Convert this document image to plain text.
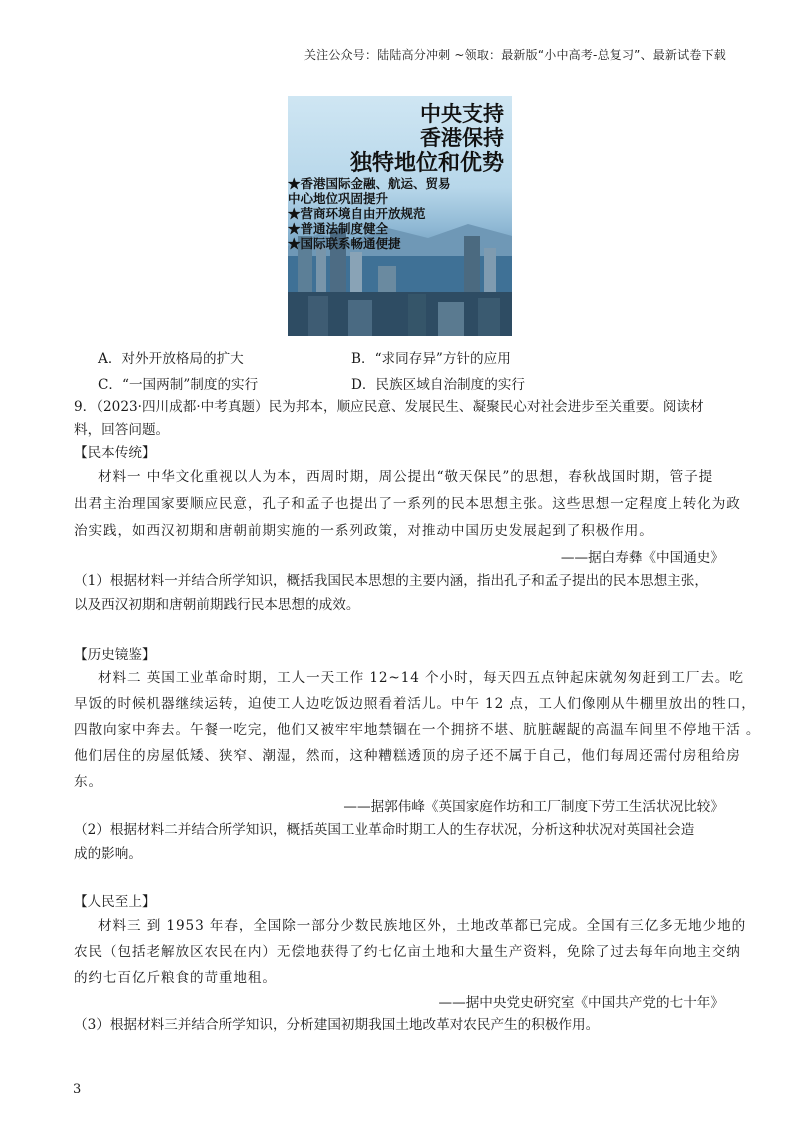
关注公众号：陆陆高分冲刺 ~领取：最新版“小中高考-总复习”、最新试卷下载
中央支持
香港保持
独特地位和优势
★香港国际金融、航运、贸易
中心地位巩固提升
★营商环境自由开放规范
★普通法制度健全
★国际联系畅通便捷
A．对外开放格局的扩大	B．“求同存异”方针的应用
C．“一国两制”制度的实行	D．民族区域自治制度的实行
9．（2023·四川成都·中考真题）民为邦本，顺应民意、发展民生、凝聚民心对社会进步至关重要。阅读材
料，回答问题。
【民本传统】
材料一 中华文化重视以人为本，西周时期，周公提出“敬天保民”的思想，春秋战国时期，管子提
出君主治理国家要顺应民意，孔子和孟子也提出了一系列的民本思想主张。这些思想一定程度上转化为政
治实践，如西汉初期和唐朝前期实施的一系列政策，对推动中国历史发展起到了积极作用。
——据白寿彝《中国通史》
（1）根据材料一并结合所学知识，概括我国民本思想的主要内涵，指出孔子和孟子提出的民本思想主张，
以及西汉初期和唐朝前期践行民本思想的成效。
【历史镜鉴】
材料二 英国工业革命时期，工人一天工作 12~14 个小时，每天四五点钟起床就匆匆赶到工厂去。吃
早饭的时候机器继续运转，迫使工人边吃饭边照看着活儿。中午 12 点，工人们像刚从牛棚里放出的牲口，
四散向家中奔去。午餐一吃完，他们又被牢牢地禁锢在一个拥挤不堪、肮脏龌龊的高温车间里不停地干活 。
他们居住的房屋低矮、狭窄、潮湿，然而，这种糟糕透顶的房子还不属于自己，他们每周还需付房租给房
东。
——据郭伟峰《英国家庭作坊和工厂制度下劳工生活状况比较》
（2）根据材料二并结合所学知识，概括英国工业革命时期工人的生存状况，分析这种状况对英国社会造
成的影响。
【人民至上】
材料三 到 1953 年春，全国除一部分少数民族地区外，土地改革都已完成。全国有三亿多无地少地的
农民（包括老解放区农民在内）无偿地获得了约七亿亩土地和大量生产资料，免除了过去每年向地主交纳
的约七百亿斤粮食的苛重地租。
——据中央党史研究室《中国共产党的七十年》
（3）根据材料三并结合所学知识，分析建国初期我国土地改革对农民产生的积极作用。
3
